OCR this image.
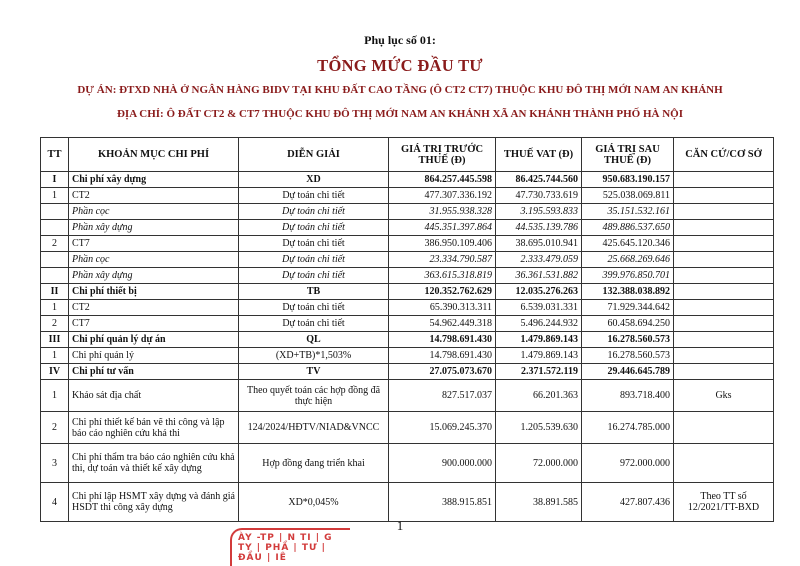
Phụ lục số 01:
TỔNG MỨC ĐẦU TƯ
DỰ ÁN: ĐTXD NHÀ Ở NGÂN HÀNG BIDV TẠI KHU ĐẤT CAO TẦNG (Ô CT2 CT7) THUỘC KHU ĐÔ THỊ MỚI NAM AN KHÁNH
ĐỊA CHỈ: Ô ĐẤT CT2 & CT7 THUỘC KHU ĐÔ THỊ MỚI NAM AN KHÁNH XÃ AN KHÁNH THÀNH PHỐ HÀ NỘI
TT	KHOẢN MỤC CHI PHÍ	DIỄN GIẢI	GIÁ TRỊ TRƯỚC THUẾ (Đ)	THUẾ VAT (Đ)	GIÁ TRỊ SAU THUẾ (Đ)	CĂN CỨ/CƠ SỞ
I	Chi phí xây dựng	XD	864.257.445.598	86.425.744.560	950.683.190.157	
1	CT2	Dự toán chi tiết	477.307.336.192	47.730.733.619	525.038.069.811	
	Phần cọc	Dự toán chi tiết	31.955.938.328	3.195.593.833	35.151.532.161	
	Phần xây dựng	Dự toán chi tiết	445.351.397.864	44.535.139.786	489.886.537.650	
2	CT7	Dự toán chi tiết	386.950.109.406	38.695.010.941	425.645.120.346	
	Phần cọc	Dự toán chi tiết	23.334.790.587	2.333.479.059	25.668.269.646	
	Phần xây dựng	Dự toán chi tiết	363.615.318.819	36.361.531.882	399.976.850.701	
II	Chi phí thiết bị	TB	120.352.762.629	12.035.276.263	132.388.038.892	
1	CT2	Dự toán chi tiết	65.390.313.311	6.539.031.331	71.929.344.642	
2	CT7	Dự toán chi tiết	54.962.449.318	5.496.244.932	60.458.694.250	
III	Chi phí quản lý dự án	QL	14.798.691.430	1.479.869.143	16.278.560.573	
1	Chi phí quản lý	(XD+TB)*1,503%	14.798.691.430	1.479.869.143	16.278.560.573	
IV	Chi phí tư vấn	TV	27.075.073.670	2.371.572.119	29.446.645.789	
1	Khảo sát địa chất	Theo quyết toán các hợp đồng đã thực hiện	827.517.037	66.201.363	893.718.400	Gks
2	Chi phí thiết kế bản vẽ thi công và lập báo cáo nghiên cứu khả thi	124/2024/HĐTV/NIAD&VNCC	15.069.245.370	1.205.539.630	16.274.785.000	
3	Chi phí thẩm tra báo cáo nghiên cứu khả thi, dự toán và thiết kế xây dựng	Hợp đồng đang triển khai	900.000.000	72.000.000	972.000.000	
4	Chi phí lập HSMT xây dựng và đánh giá HSDT thi công xây dựng	XD*0,045%	388.915.851	38.891.585	427.807.436	Theo TT số 12/2021/TT-BXD
1
ÀY -TP | N TI | G TY | PHẦ | TƯ | ĐẦU | IÊ
